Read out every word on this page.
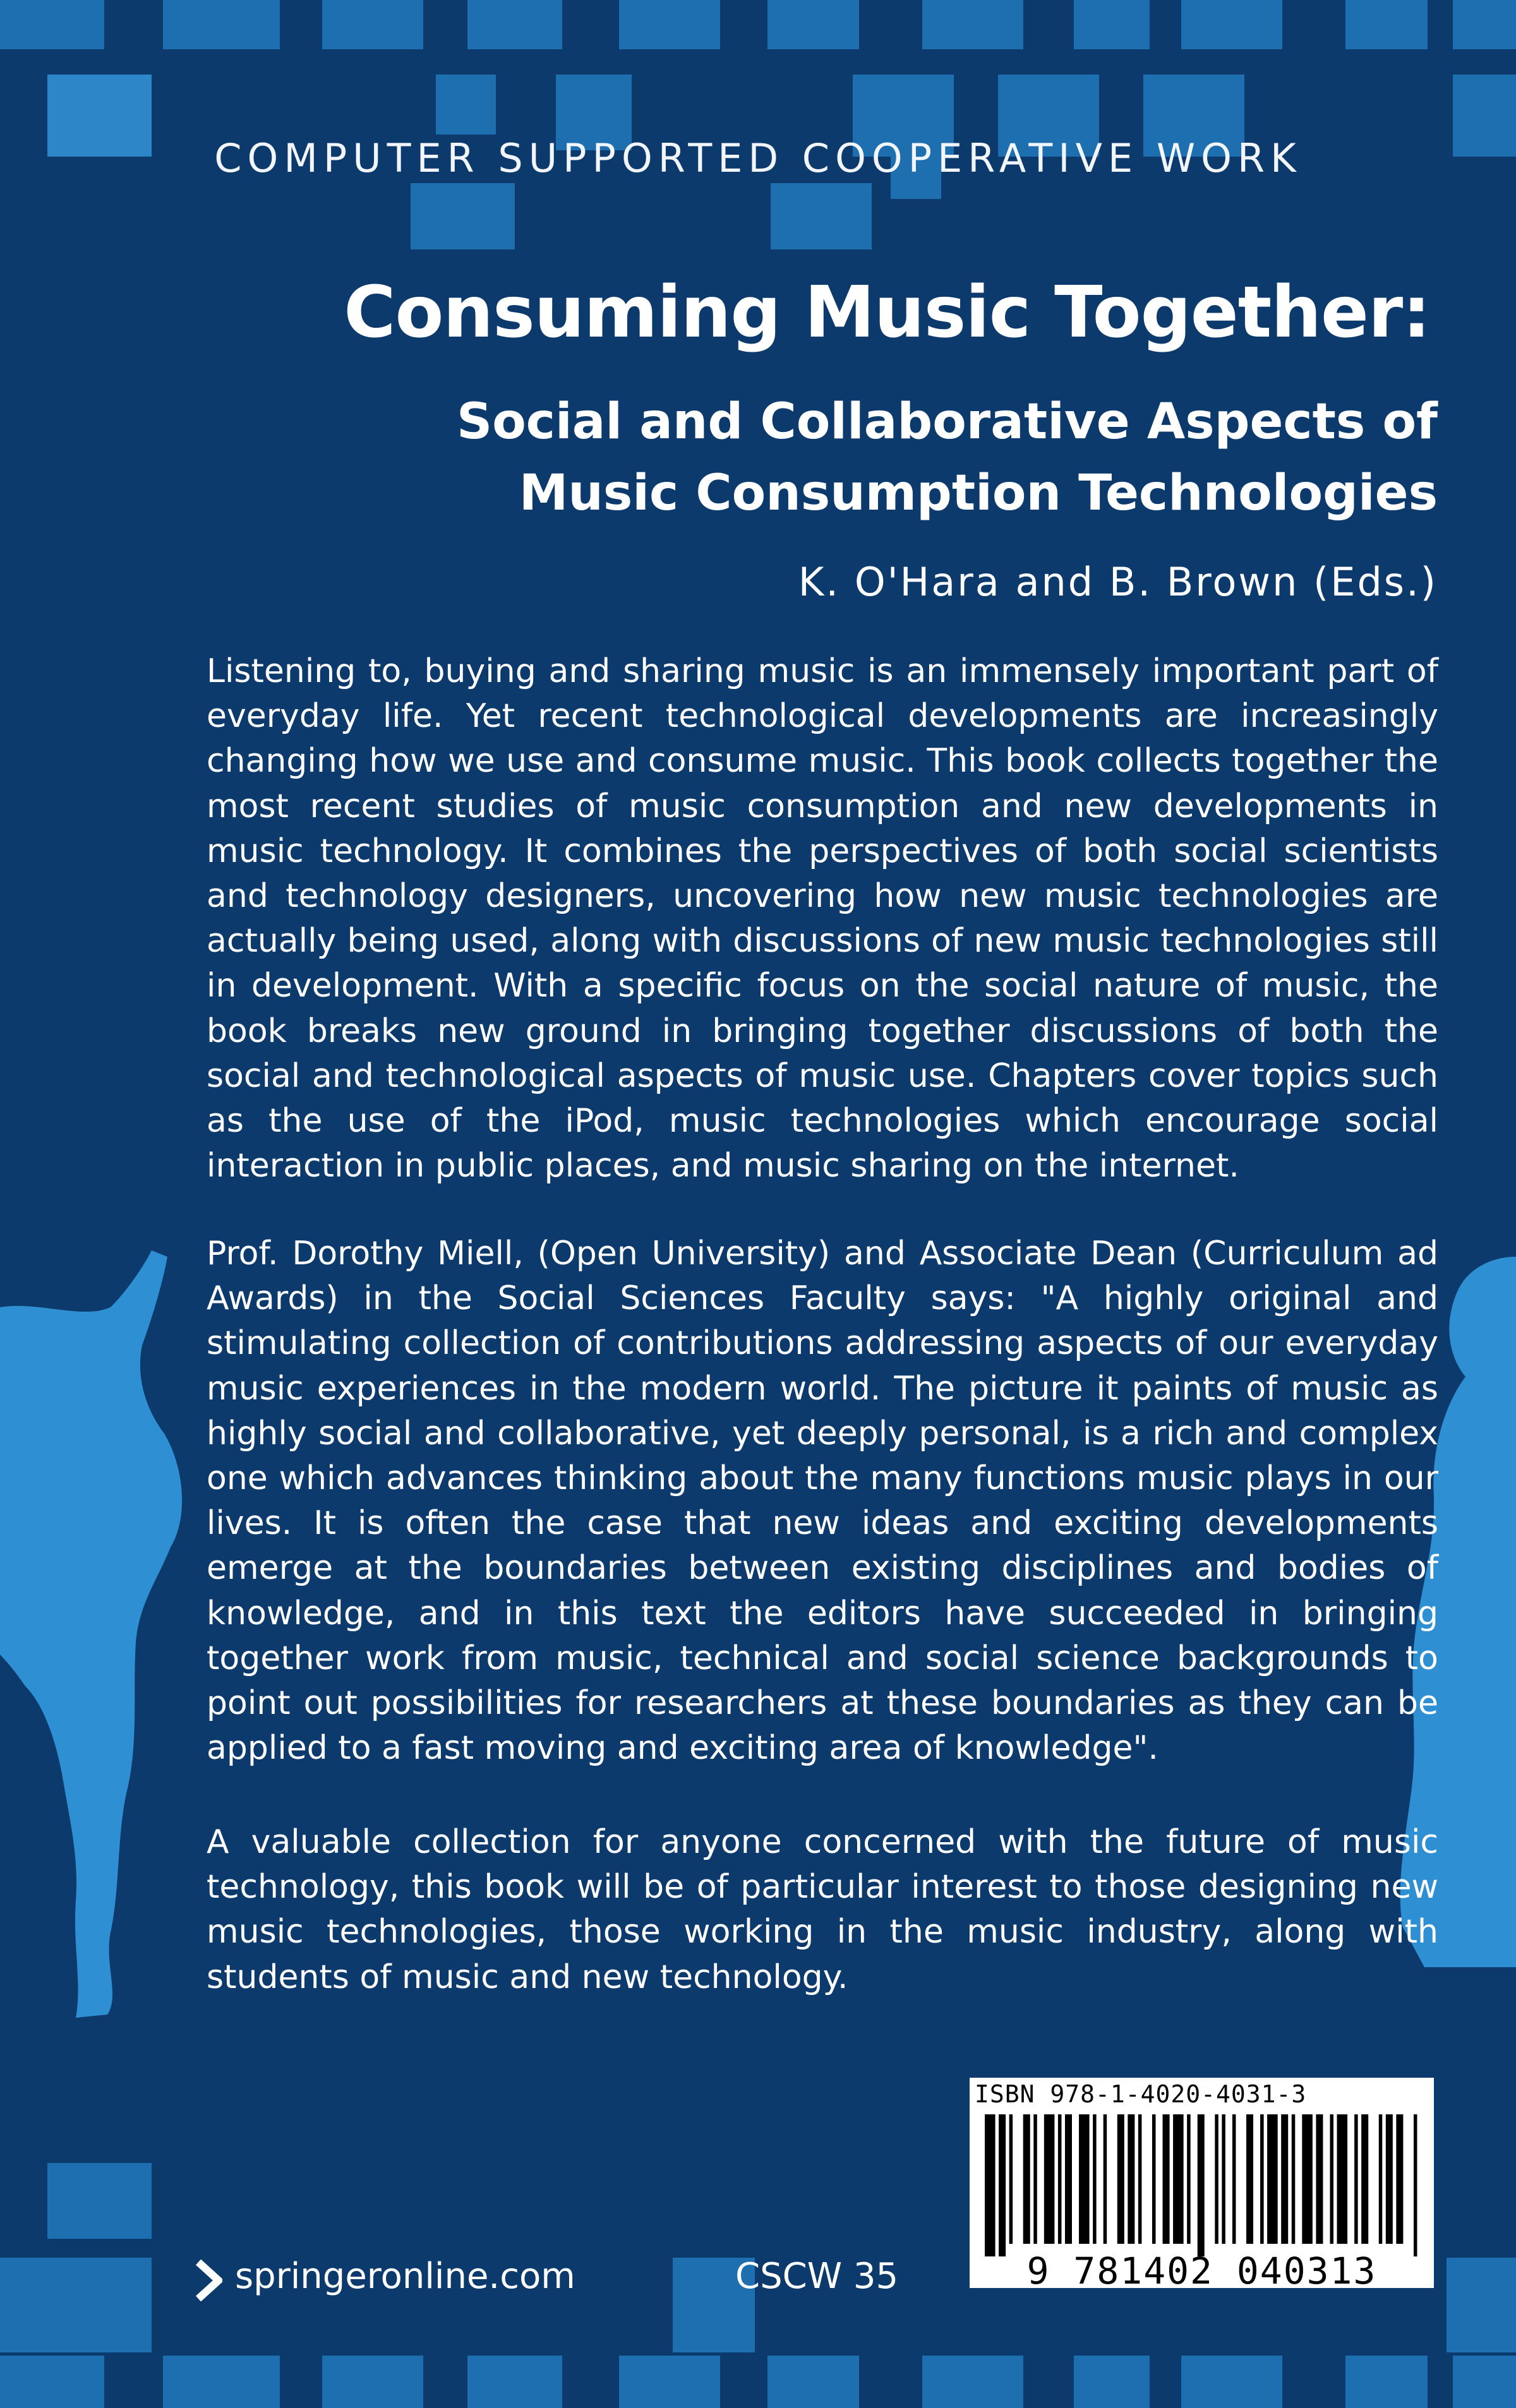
COMPUTER SUPPORTED COOPERATIVE WORK

Consuming Music Together:
Social and Collaborative Aspects of
Music Consumption Technologies

K. O'Hara and B. Brown (Eds.)

Listening to, buying and sharing music is an immensely important part of everyday life. Yet recent technological developments are increasingly changing how we use and consume music. This book collects together the most recent studies of music consumption and new developments in music technology. It combines the perspectives of both social scientists and technology designers, uncovering how new music technologies are actually being used, along with discussions of new music technologies still in development. With a specific focus on the social nature of music, the book breaks new ground in bringing together discussions of both the social and technological aspects of music use. Chapters cover topics such as the use of the iPod, music technologies which encourage social interaction in public places, and music sharing on the internet.

Prof. Dorothy Miell, (Open University) and Associate Dean (Curriculum ad Awards) in the Social Sciences Faculty says: "A highly original and stimulating collection of contributions addressing aspects of our everyday music experiences in the modern world. The picture it paints of music as highly social and collaborative, yet deeply personal, is a rich and complex one which advances thinking about the many functions music plays in our lives. It is often the case that new ideas and exciting developments emerge at the boundaries between existing disciplines and bodies of knowledge, and in this text the editors have succeeded in bringing together work from music, technical and social science backgrounds to point out possibilities for researchers at these boundaries as they can be applied to a fast moving and exciting area of knowledge".

A valuable collection for anyone concerned with the future of music technology, this book will be of particular interest to those designing new music technologies, those working in the music industry, along with students of music and new technology.

ISBN 978-1-4020-4031-3

9 781402 040313

springeronline.com	CSCW 35
